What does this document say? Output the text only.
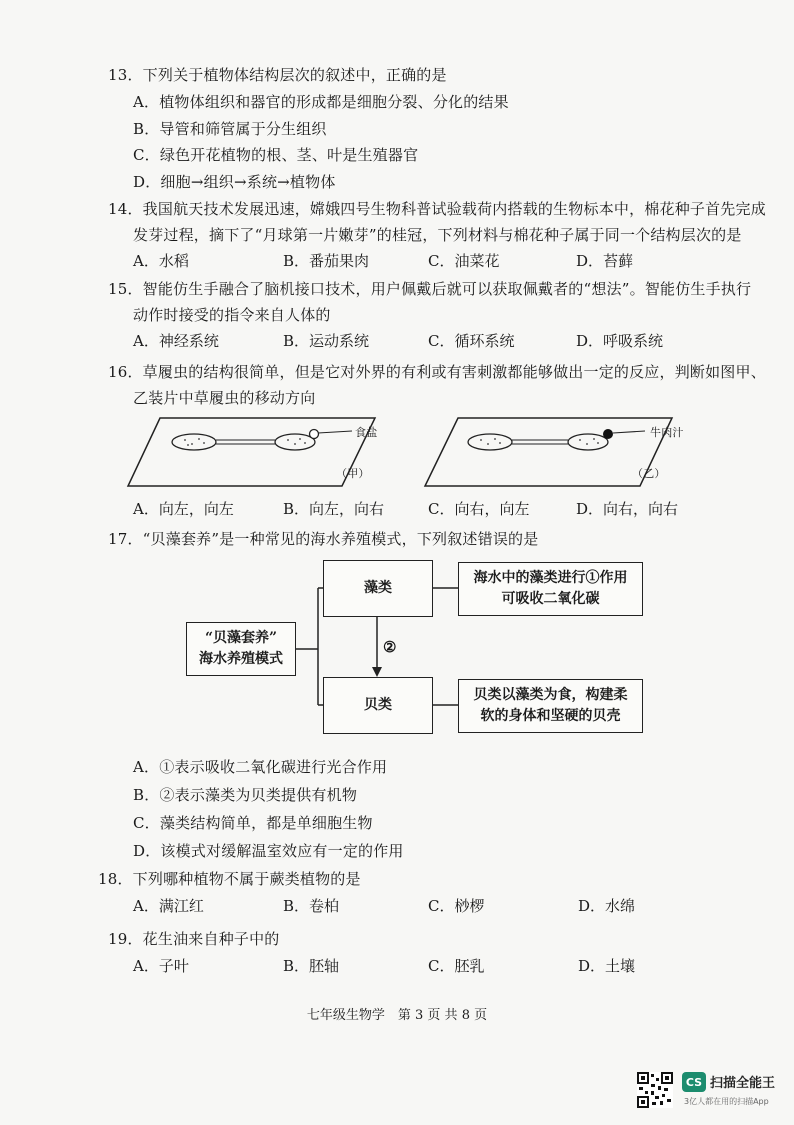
13．下列关于植物体结构层次的叙述中，正确的是
A．植物体组织和器官的形成都是细胞分裂、分化的结果
B．导管和筛管属于分生组织
C．绿色开花植物的根、茎、叶是生殖器官
D．细胞→组织→系统→植物体
14．我国航天技术发展迅速，嫦娥四号生物科普试验载荷内搭载的生物标本中，棉花种子首先完成
发芽过程，摘下了“月球第一片嫩芽”的桂冠，下列材料与棉花种子属于同一个结构层次的是
A．水稻	B．番茄果肉	C．油菜花	D．苔藓
15．智能仿生手融合了脑机接口技术，用户佩戴后就可以获取佩戴者的“想法”。智能仿生手执行
动作时接受的指令来自人体的
A．神经系统	B．运动系统	C．循环系统	D．呼吸系统
16．草履虫的结构很简单，但是它对外界的有利或有害刺激都能够做出一定的反应，判断如图甲、
乙装片中草履虫的移动方向
食盐
（甲）
牛肉汁
（乙）
A．向左，向左	B．向左，向右	C．向右，向左	D．向右，向右
17．“贝藻套养”是一种常见的海水养殖模式，下列叙述错误的是
“贝藻套养”
海水养殖模式
藻类
海水中的藻类进行①作用
可吸收二氧化碳
②
贝类
贝类以藻类为食，构建柔
软的身体和坚硬的贝壳
A．①表示吸收二氧化碳进行光合作用
B．②表示藻类为贝类提供有机物
C．藻类结构简单，都是单细胞生物
D．该模式对缓解温室效应有一定的作用
18．下列哪种植物不属于蕨类植物的是
A．满江红	B．卷柏	C．桫椤	D．水绵
19．花生油来自种子中的
A．子叶	B．胚轴	C．胚乳	D．土壤
七年级生物学　第 3 页 共 8 页
CS 扫描全能王
3亿人都在用的扫描App
